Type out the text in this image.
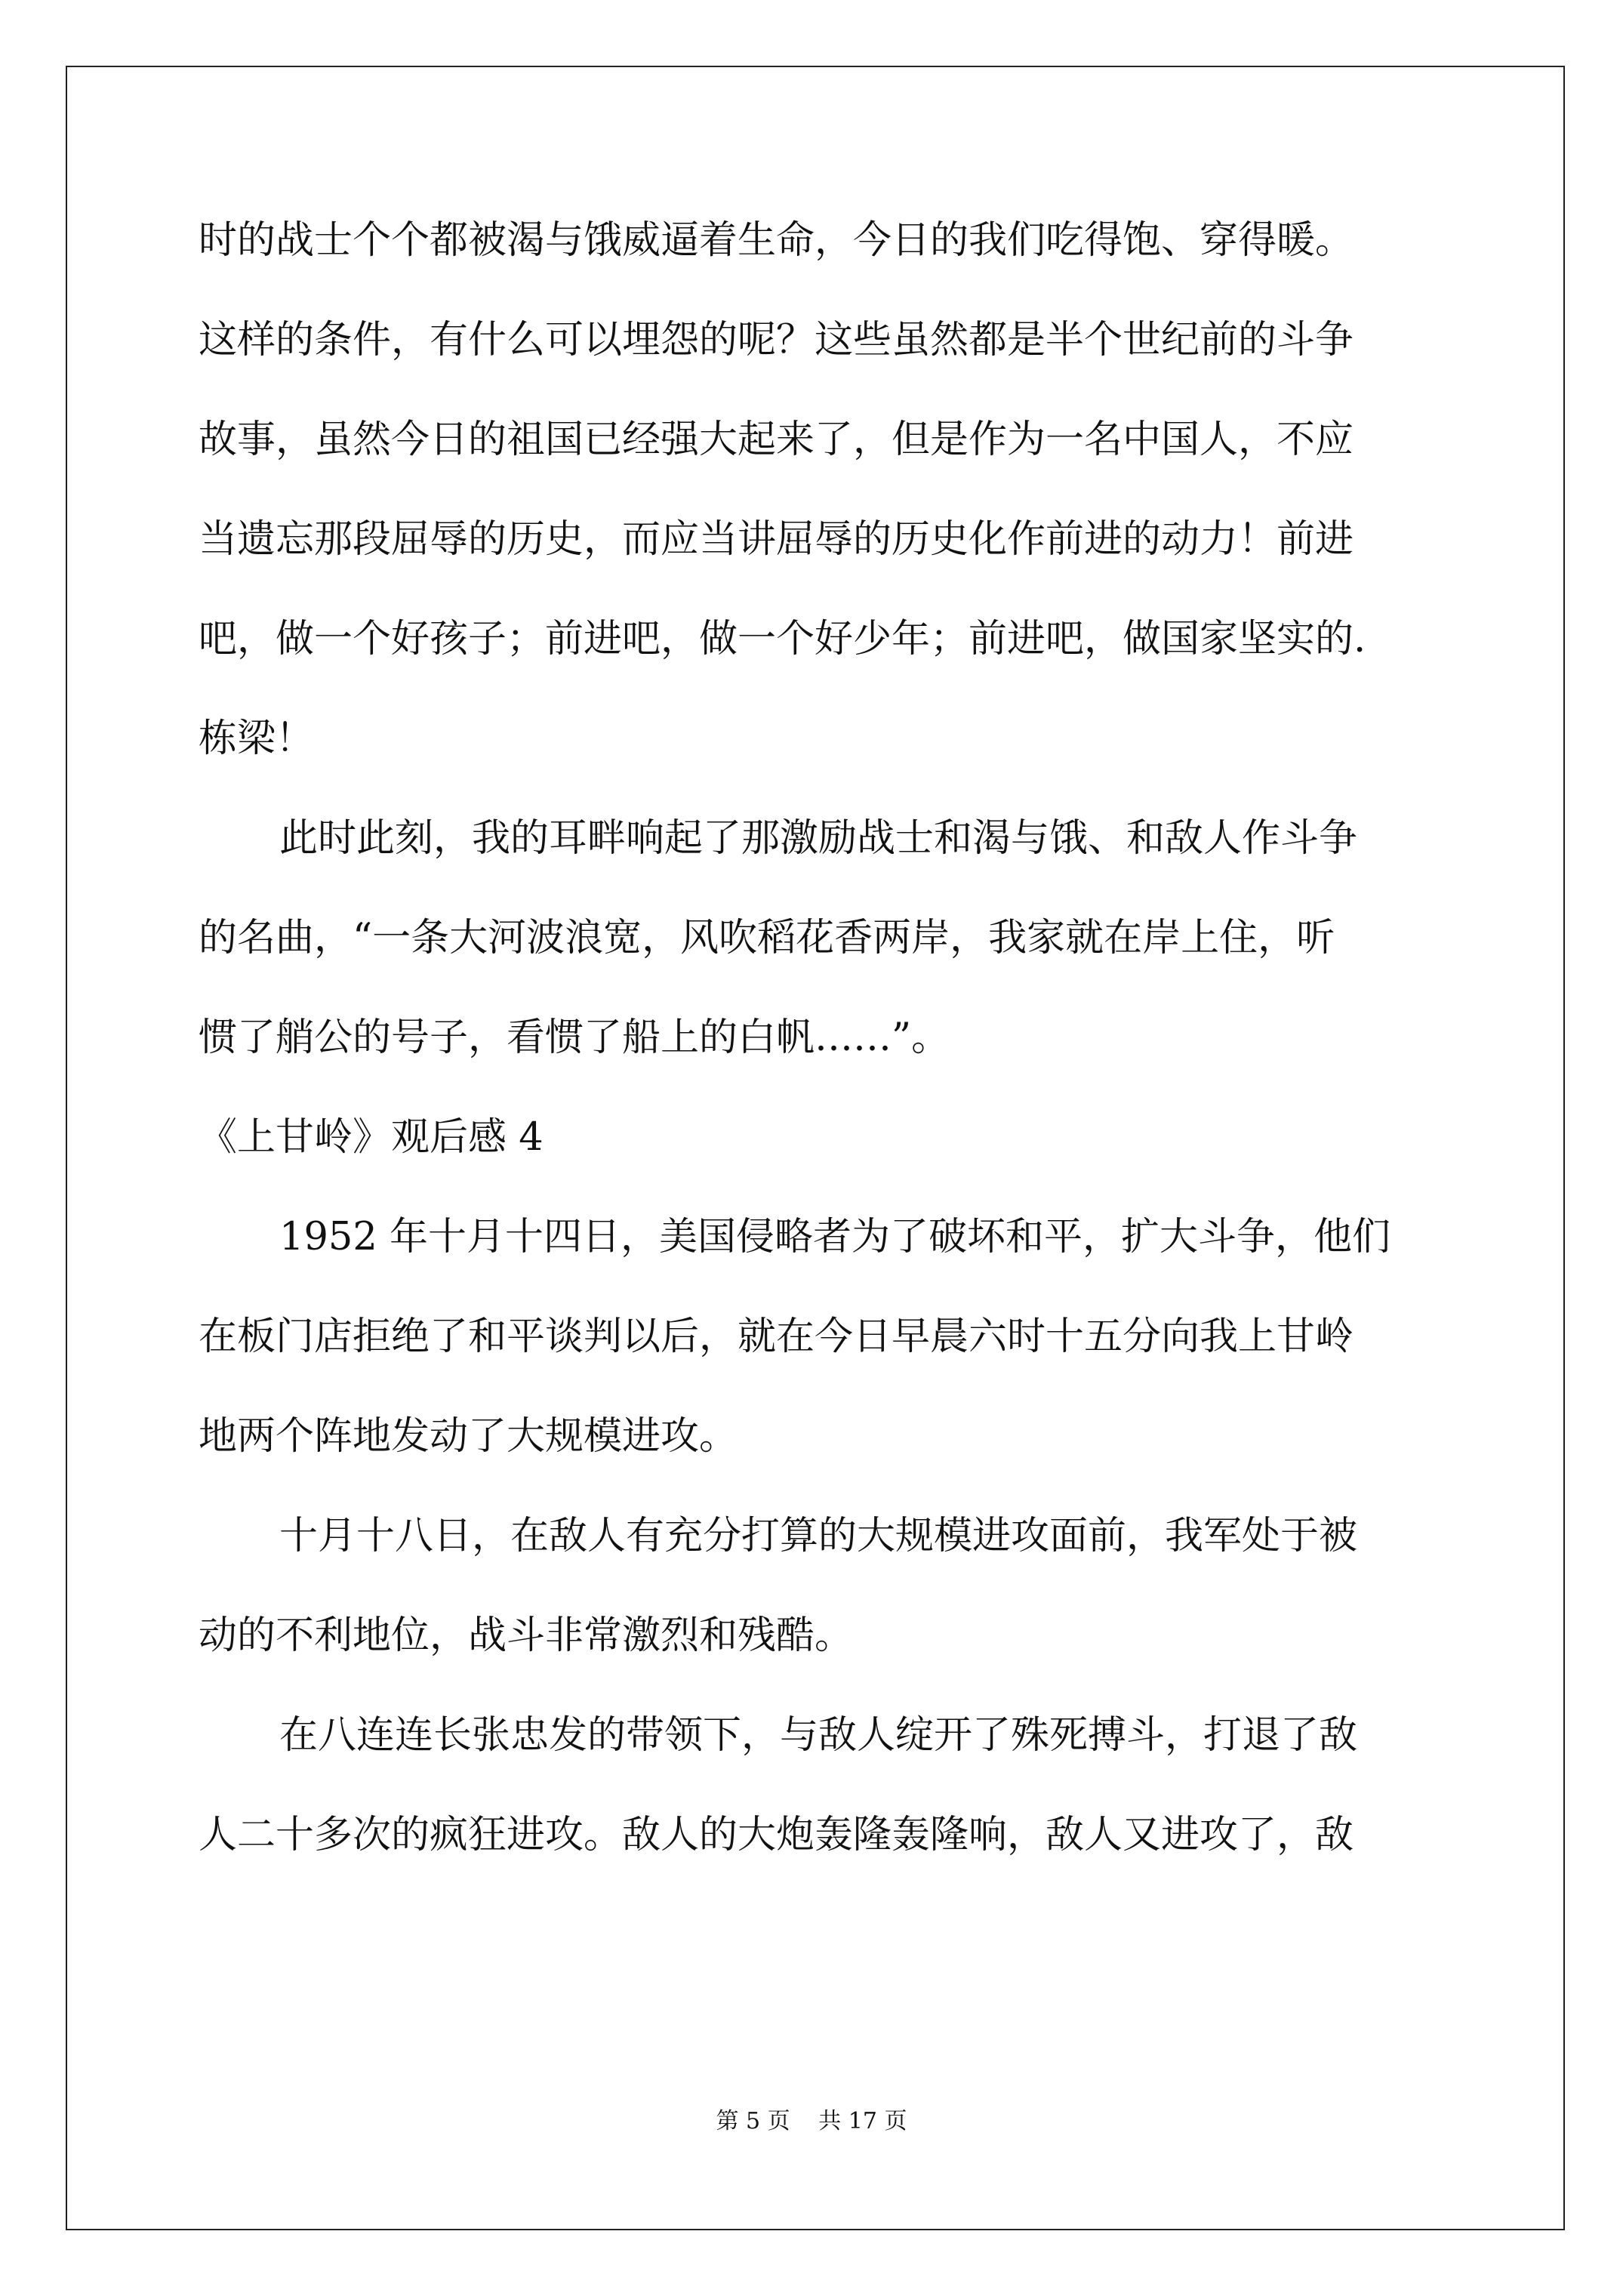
时的战士个个都被渴与饿威逼着生命，今日的我们吃得饱、穿得暖。
这样的条件，有什么可以埋怨的呢？这些虽然都是半个世纪前的斗争
故事，虽然今日的祖国已经强大起来了，但是作为一名中国人，不应
当遗忘那段屈辱的历史，而应当讲屈辱的历史化作前进的动力！前进
吧，做一个好孩子；前进吧，做一个好少年；前进吧，做国家坚实的.
栋梁！
此时此刻，我的耳畔响起了那激励战士和渴与饿、和敌人作斗争
的名曲，“一条大河波浪宽，风吹稻花香两岸，我家就在岸上住，听
惯了艄公的号子，看惯了船上的白帆……”。
《上甘岭》观后感 4
1952 年十月十四日，美国侵略者为了破坏和平，扩大斗争，他们
在板门店拒绝了和平谈判以后，就在今日早晨六时十五分向我上甘岭
地两个阵地发动了大规模进攻。
十月十八日，在敌人有充分打算的大规模进攻面前，我军处于被
动的不利地位，战斗非常激烈和残酷。
在八连连长张忠发的带领下，与敌人绽开了殊死搏斗，打退了敌
人二十多次的疯狂进攻。敌人的大炮轰隆轰隆响，敌人又进攻了，敌
第 5 页 共 17 页
